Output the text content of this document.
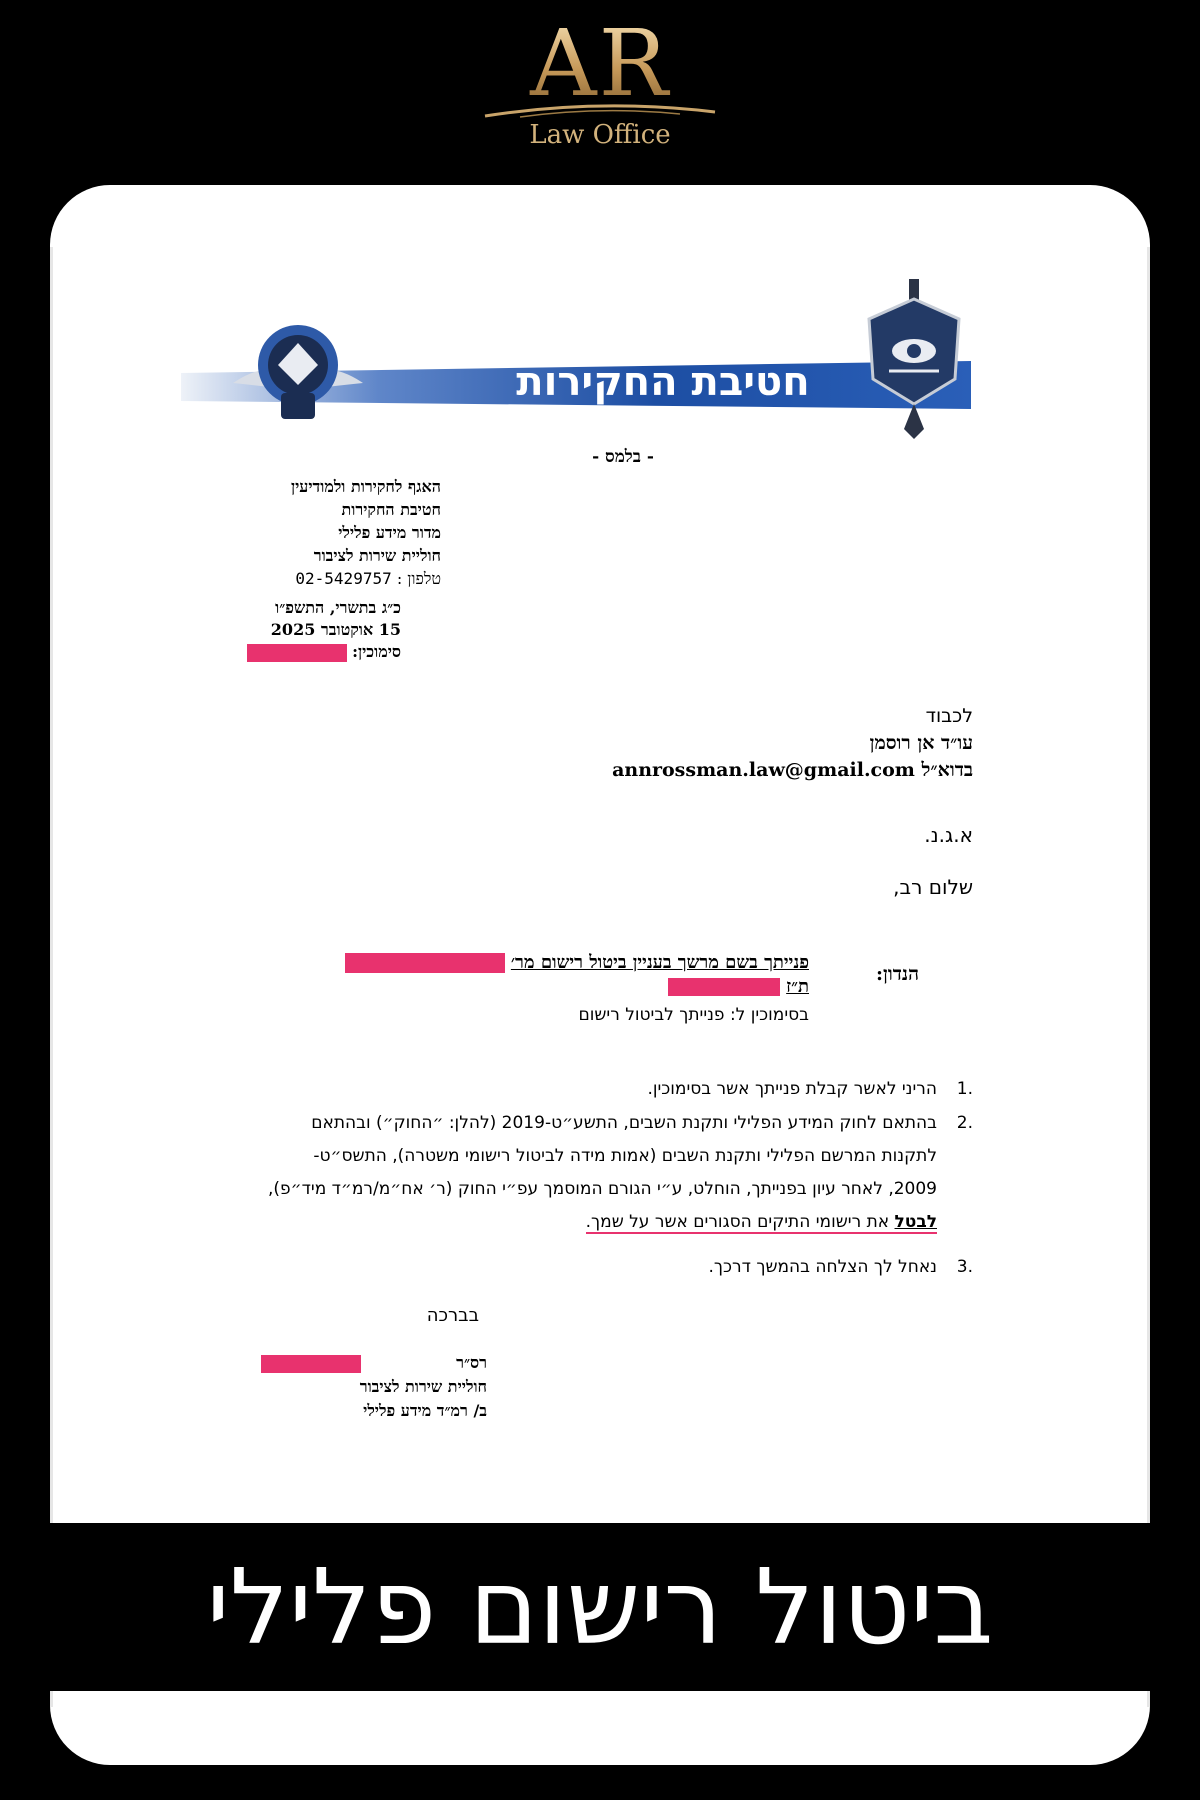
AR
Law Office
חטיבת החקירות
- בלמס -
האגף לחקירות ולמודיעין
חטיבת החקירות
מדור מידע פלילי
חוליית שירות לציבור
טלפון : 02-5429757
כ״ג בתשרי, התשפ״ו
15 אוקטובר 2025
סימוכין:
לכבוד
עו״ד אן רוסמן
בדוא״ל annrossman.law@gmail.com
א.ג.נ.
שלום רב,
הנדון:
פנייתך בשם מרשך בעניין ביטול רישום מר׳
ת״ז
בסימוכין ל: פנייתך לביטול רישום
.1הריני לאשר קבלת פנייתך אשר בסימוכין.
.2בהתאם לחוק המידע הפלילי ותקנת השבים, התשע״ט-2019 (להלן: ״החוק״) ובהתאם
לתקנות המרשם הפלילי ותקנת השבים (אמות מידה לביטול רישומי משטרה), התשס״ט-
2009, לאחר עיון בפנייתך, הוחלט, ע״י הגורם המוסמך עפ״י החוק (ר׳ אח״מ/רמ״ד מיד״פ),
לבטל את רישומי התיקים הסגורים אשר על שמך.
.3נאחל לך הצלחה בהמשך דרכך.
בברכה
רס״ר
חוליית שירות לציבור
ב/ רמ״ד מידע פלילי
ביטול רישום פלילי
